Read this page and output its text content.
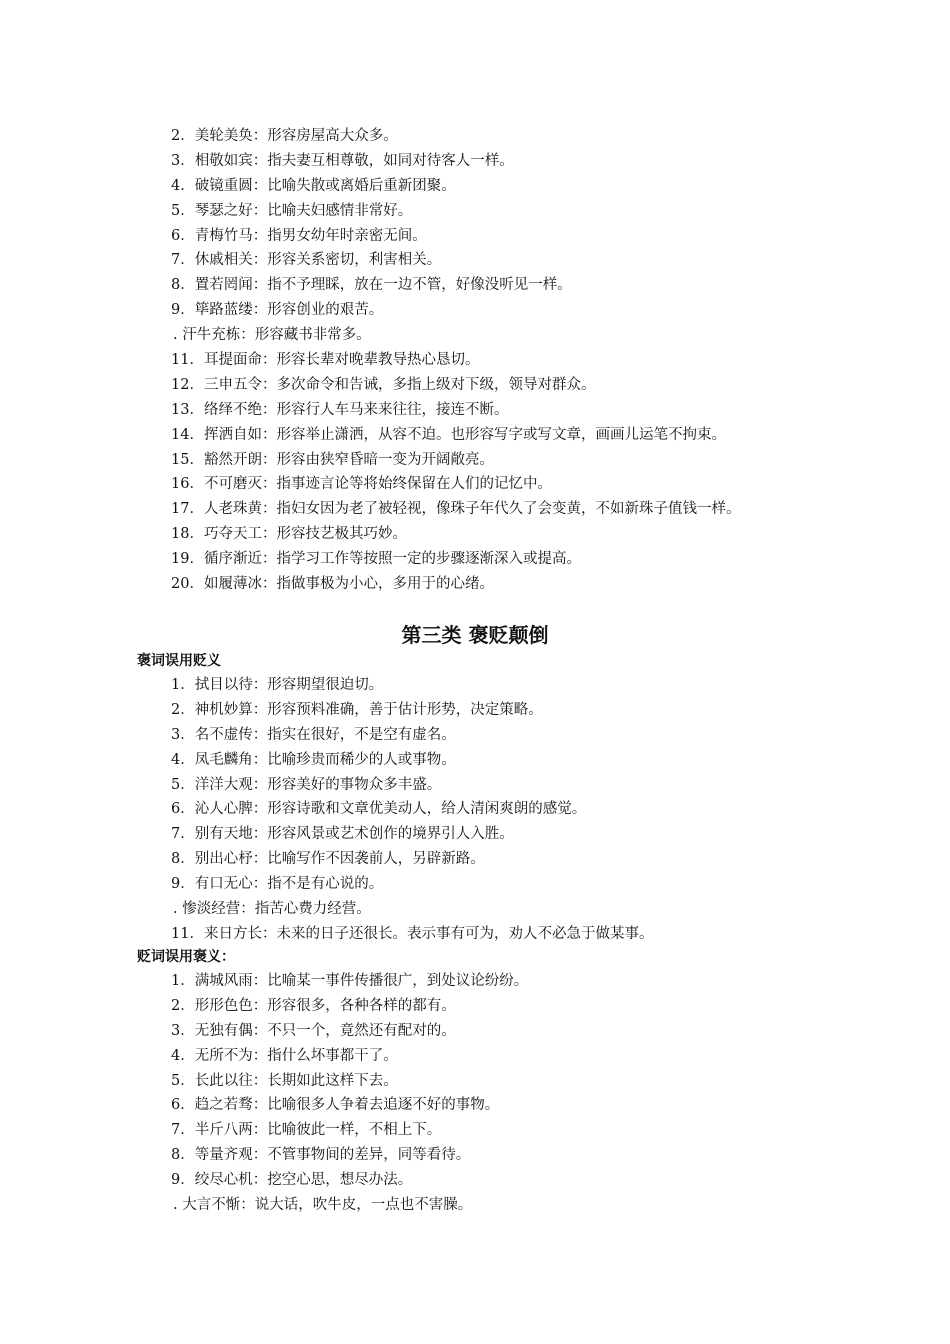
2．美轮美奂：形容房屋高大众多。
3．相敬如宾：指夫妻互相尊敬，如同对待客人一样。
4．破镜重圆：比喻失散或离婚后重新团聚。
5．琴瑟之好：比喻夫妇感情非常好。
6．青梅竹马：指男女幼年时亲密无间。
7．休戚相关：形容关系密切，利害相关。
8．置若罔闻：指不予理睬，放在一边不管，好像没听见一样。
9．筚路蓝缕：形容创业的艰苦。
. 汗牛充栋：形容藏书非常多。
11．耳提面命：形容长辈对晚辈教导热心恳切。
12．三申五令：多次命令和告诫，多指上级对下级，领导对群众。
13．络绎不绝：形容行人车马来来往往，接连不断。
14．挥洒自如：形容举止潇洒，从容不迫。也形容写字或写文章，画画儿运笔不拘束。
15．豁然开朗：形容由狭窄昏暗一变为开阔敞亮。
16．不可磨灭：指事迹言论等将始终保留在人们的记忆中。
17．人老珠黄：指妇女因为老了被轻视，像珠子年代久了会变黄，不如新珠子值钱一样。
18．巧夺天工：形容技艺极其巧妙。
19．循序渐近：指学习工作等按照一定的步骤逐渐深入或提高。
20．如履薄冰：指做事极为小心，多用于的心绪。
第三类 褒贬颠倒
褒词误用贬义
1．拭目以待：形容期望很迫切。
2．神机妙算：形容预料准确，善于估计形势，决定策略。
3．名不虚传：指实在很好，不是空有虚名。
4．凤毛麟角：比喻珍贵而稀少的人或事物。
5．洋洋大观：形容美好的事物众多丰盛。
6．沁人心脾：形容诗歌和文章优美动人，给人清闲爽朗的感觉。
7．别有天地：形容风景或艺术创作的境界引人入胜。
8．别出心杼：比喻写作不因袭前人，另辟新路。
9．有口无心：指不是有心说的。
. 惨淡经营：指苦心费力经营。
11．来日方长：未来的日子还很长。表示事有可为，劝人不必急于做某事。
贬词误用褒义：
1．满城风雨：比喻某一事件传播很广，到处议论纷纷。
2．形形色色：形容很多，各种各样的都有。
3．无独有偶：不只一个，竟然还有配对的。
4．无所不为：指什么坏事都干了。
5．长此以往：长期如此这样下去。
6．趋之若骛：比喻很多人争着去追逐不好的事物。
7．半斤八两：比喻彼此一样，不相上下。
8．等量齐观：不管事物间的差异，同等看待。
9．绞尽心机：挖空心思，想尽办法。
. 大言不惭：说大话，吹牛皮，一点也不害臊。
